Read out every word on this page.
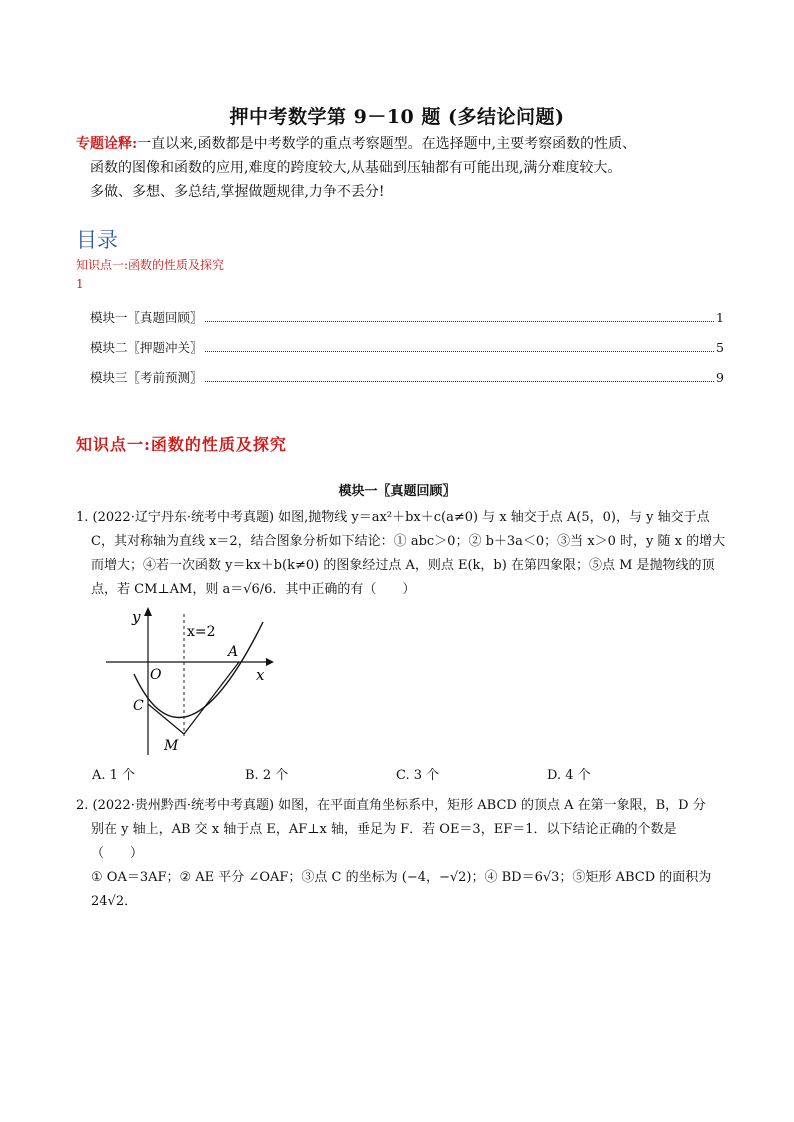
押中考数学第 9－10 题 (多结论问题)

专题诠释:一直以来,函数都是中考数学的重点考察题型。在选择题中,主要考察函数的性质、

函数的图像和函数的应用,难度的跨度较大,从基础到压轴都有可能出现,满分难度较大。

多做、多想、多总结,掌握做题规律,力争不丢分!

目录
知识点一:函数的性质及探究
1
模块一〖真题回顾〗	1
模块二〖押题冲关〗	5
模块三〖考前预测〗	9
知识点一:函数的性质及探究
模块一〖真题回顾〗

1. (2022·辽宁丹东·统考中考真题) 如图,抛物线 y＝ax²＋bx＋c(a≠0) 与 x 轴交于点 A(5，0)，与 y 轴交于点

C，其对称轴为直线 x＝2，结合图象分析如下结论：① abc＞0；② b＋3a＜0；③当 x＞0 时，y 随 x 的增大

而增大；④若一次函数 y＝kx＋b(k≠0) 的图象经过点 A，则点 E(k，b) 在第四象限；⑤点 M 是抛物线的顶

点，若 CM⊥AM，则 a＝√6/6．其中正确的有（　　）

y
x
O
x=2
A
C
M
A. 1 个	B. 2 个	C. 3 个	D. 4 个

2. (2022·贵州黔西·统考中考真题) 如图，在平面直角坐标系中，矩形 ABCD 的顶点 A 在第一象限，B，D 分

别在 y 轴上，AB 交 x 轴于点 E，AF⊥x 轴，垂足为 F．若 OE＝3，EF＝1．以下结论正确的个数是

（　　）

① OA＝3AF；② AE 平分 ∠OAF；③点 C 的坐标为 (−4，−√2)；④ BD＝6√3；⑤矩形 ABCD 的面积为

24√2．
